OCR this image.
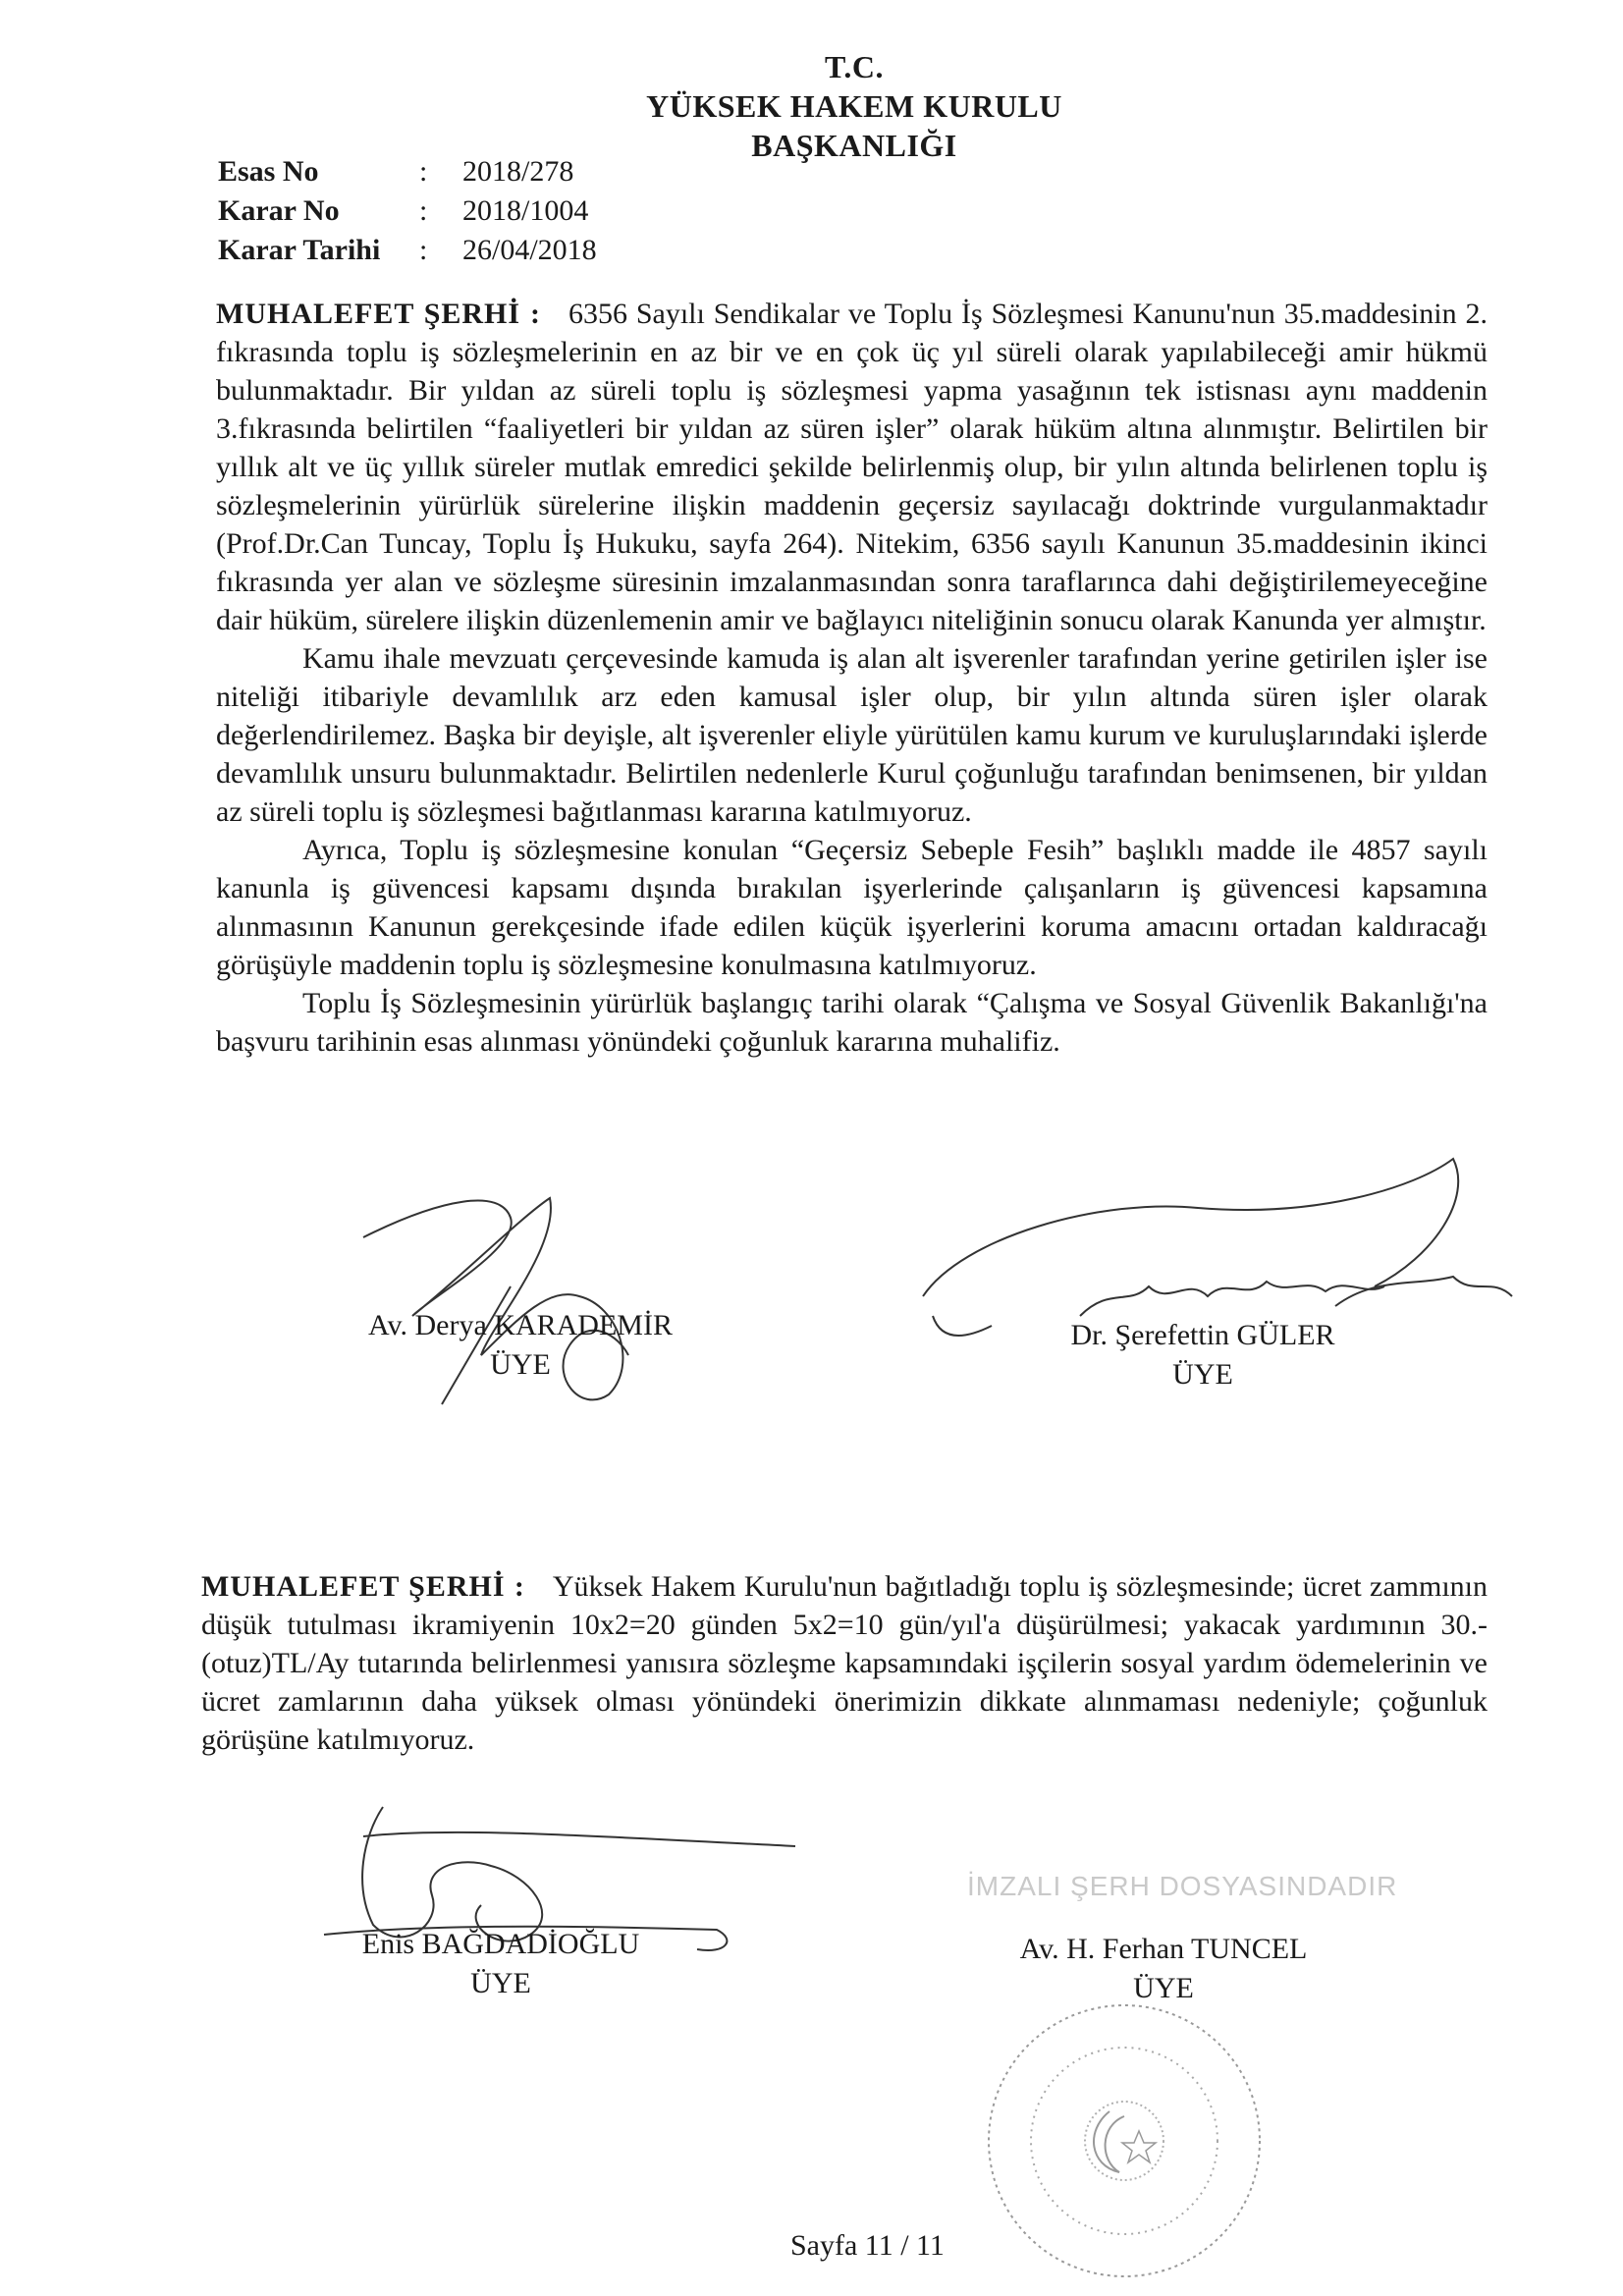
T.C.
YÜKSEK HAKEM KURULU
BAŞKANLIĞI
Esas No	:	2018/278
Karar No	:	2018/1004
Karar Tarihi	:	26/04/2018

MUHALEFET ŞERHİ : 6356 Sayılı Sendikalar ve Toplu İş Sözleşmesi Kanunu'nun 35.maddesinin 2. fıkrasında toplu iş sözleşmelerinin en az bir ve en çok üç yıl süreli olarak yapılabileceği amir hükmü bulunmaktadır. Bir yıldan az süreli toplu iş sözleşmesi yapma yasağının tek istisnası aynı maddenin 3.fıkrasında belirtilen “faaliyetleri bir yıldan az süren işler” olarak hüküm altına alınmıştır. Belirtilen bir yıllık alt ve üç yıllık süreler mutlak emredici şekilde belirlenmiş olup, bir yılın altında belirlenen toplu iş sözleşmelerinin yürürlük sürelerine ilişkin maddenin geçersiz sayılacağı doktrinde vurgulanmaktadır (Prof.Dr.Can Tuncay, Toplu İş Hukuku, sayfa 264). Nitekim, 6356 sayılı Kanunun 35.maddesinin ikinci fıkrasında yer alan ve sözleşme süresinin imzalanmasından sonra taraflarınca dahi değiştirilemeyeceğine dair hüküm, sürelere ilişkin düzenlemenin amir ve bağlayıcı niteliğinin sonucu olarak Kanunda yer almıştır.

Kamu ihale mevzuatı çerçevesinde kamuda iş alan alt işverenler tarafından yerine getirilen işler ise niteliği itibariyle devamlılık arz eden kamusal işler olup, bir yılın altında süren işler olarak değerlendirilemez. Başka bir deyişle, alt işverenler eliyle yürütülen kamu kurum ve kuruluşlarındaki işlerde devamlılık unsuru bulunmaktadır. Belirtilen nedenlerle Kurul çoğunluğu tarafından benimsenen, bir yıldan az süreli toplu iş sözleşmesi bağıtlanması kararına katılmıyoruz.

Ayrıca, Toplu iş sözleşmesine konulan “Geçersiz Sebeple Fesih” başlıklı madde ile 4857 sayılı kanunla iş güvencesi kapsamı dışında bırakılan işyerlerinde çalışanların iş güvencesi kapsamına alınmasının Kanunun gerekçesinde ifade edilen küçük işyerlerini koruma amacını ortadan kaldıracağı görüşüyle maddenin toplu iş sözleşmesine konulmasına katılmıyoruz.

Toplu İş Sözleşmesinin yürürlük başlangıç tarihi olarak “Çalışma ve Sosyal Güvenlik Bakanlığı'na başvuru tarihinin esas alınması yönündeki çoğunluk kararına muhalifiz.

Av. Derya KARADEMİR
ÜYE
Dr. Şerefettin GÜLER
ÜYE

MUHALEFET ŞERHİ : Yüksek Hakem Kurulu'nun bağıtladığı toplu iş sözleşmesinde; ücret zammının düşük tutulması ikramiyenin 10x2=20 günden 5x2=10 gün/yıl'a düşürülmesi; yakacak yardımının 30.-(otuz)TL/Ay tutarında belirlenmesi yanısıra sözleşme kapsamındaki işçilerin sosyal yardım ödemelerinin ve ücret zamlarının daha yüksek olması yönündeki önerimizin dikkate alınmaması nedeniyle; çoğunluk görüşüne katılmıyoruz.

Enis BAĞDADİOĞLU
ÜYE
İMZALI ŞERH DOSYASINDADIR
Av. H. Ferhan TUNCEL
ÜYE
Sayfa 11 / 11
